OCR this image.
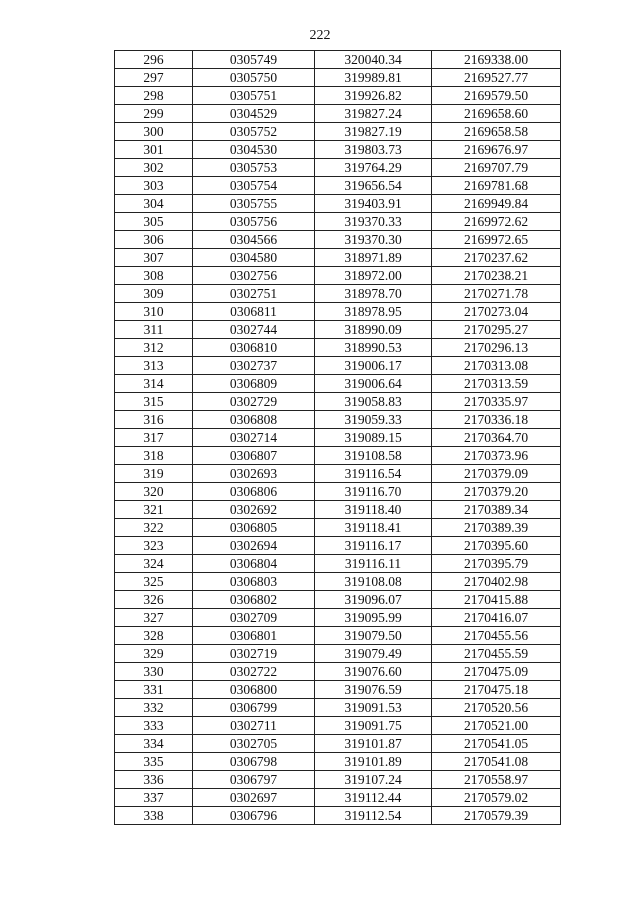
222
296	0305749	320040.34	2169338.00
297	0305750	319989.81	2169527.77
298	0305751	319926.82	2169579.50
299	0304529	319827.24	2169658.60
300	0305752	319827.19	2169658.58
301	0304530	319803.73	2169676.97
302	0305753	319764.29	2169707.79
303	0305754	319656.54	2169781.68
304	0305755	319403.91	2169949.84
305	0305756	319370.33	2169972.62
306	0304566	319370.30	2169972.65
307	0304580	318971.89	2170237.62
308	0302756	318972.00	2170238.21
309	0302751	318978.70	2170271.78
310	0306811	318978.95	2170273.04
311	0302744	318990.09	2170295.27
312	0306810	318990.53	2170296.13
313	0302737	319006.17	2170313.08
314	0306809	319006.64	2170313.59
315	0302729	319058.83	2170335.97
316	0306808	319059.33	2170336.18
317	0302714	319089.15	2170364.70
318	0306807	319108.58	2170373.96
319	0302693	319116.54	2170379.09
320	0306806	319116.70	2170379.20
321	0302692	319118.40	2170389.34
322	0306805	319118.41	2170389.39
323	0302694	319116.17	2170395.60
324	0306804	319116.11	2170395.79
325	0306803	319108.08	2170402.98
326	0306802	319096.07	2170415.88
327	0302709	319095.99	2170416.07
328	0306801	319079.50	2170455.56
329	0302719	319079.49	2170455.59
330	0302722	319076.60	2170475.09
331	0306800	319076.59	2170475.18
332	0306799	319091.53	2170520.56
333	0302711	319091.75	2170521.00
334	0302705	319101.87	2170541.05
335	0306798	319101.89	2170541.08
336	0306797	319107.24	2170558.97
337	0302697	319112.44	2170579.02
338	0306796	319112.54	2170579.39
